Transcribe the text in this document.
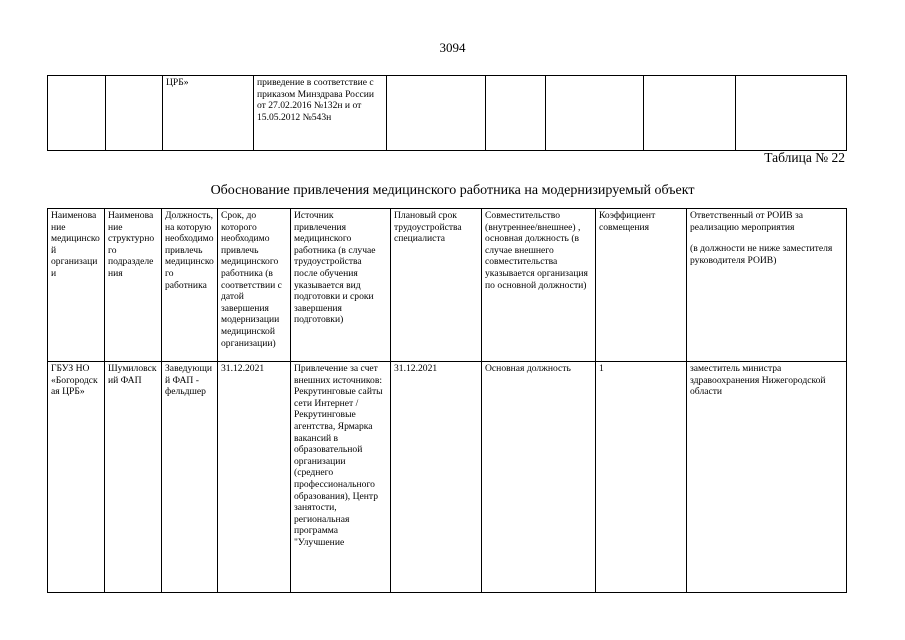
3094
		ЦРБ»	приведение в соответствие с приказом Минздрава России от 27.02.2016 №132н и от 15.05.2012 №543н					
Таблица № 22
Обоснование привлечения медицинского работника на модернизируемый объект
Наименование медицинской организации	Наименование структурного подразделения	Должность, на которую необходимо привлечь медицинского работника	Срок, до которого необходимо привлечь медицинского работника (в соответствии с датой завершения модернизации медицинской организации)	Источник привлечения медицинского работника (в случае трудоустройства после обучения указывается вид подготовки и сроки завершения подготовки)	Плановый срок трудоустройства специалиста	Совместительство (внутреннее/внешнее) , основная должность (в случае внешнего совместительства указывается организация по основной должности)	Коэффициент совмещения	Ответственный от РОИВ за реализацию мероприятия
(в должности не ниже заместителя руководителя РОИВ)

ГБУЗ НО «Богородская ЦРБ»	Шумиловский ФАП	Заведующий ФАП - фельдшер	31.12.2021	Привлечение за счет внешних источников: Рекрутинговые сайты сети Интернет / Рекрутинговые агентства, Ярмарка вакансий в образовательной организации (среднего профессионального образования), Центр занятости, региональная программа "Улучшение	31.12.2021	Основная должность	1	заместитель министра здравоохранения Нижегородской области
